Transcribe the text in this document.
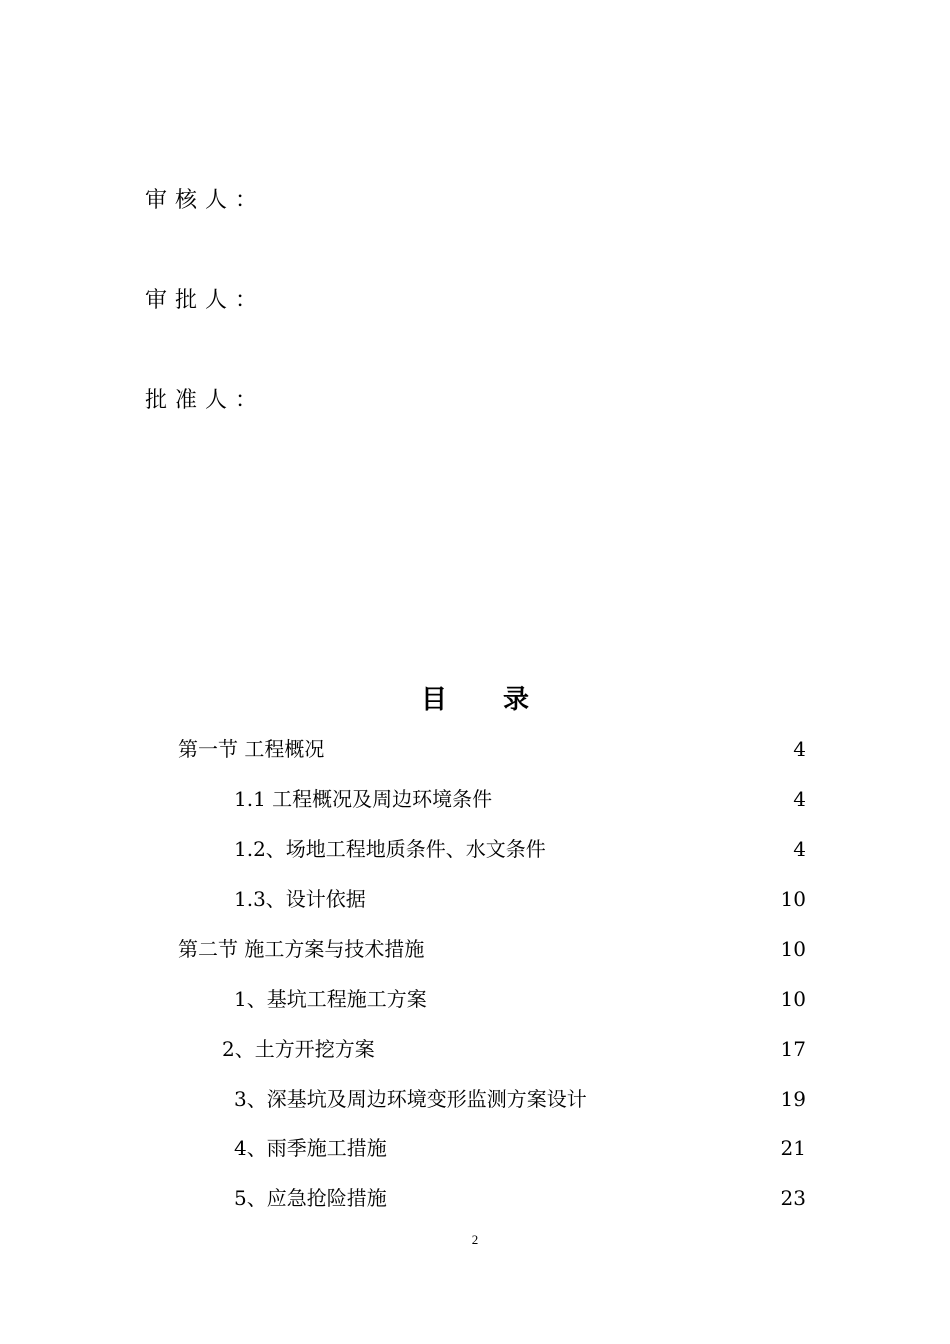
审核人：
审批人：
批准人：
目 录
第一节 工程概况	4
1.1 工程概况及周边环境条件	4
1.2、场地工程地质条件、水文条件	4
1.3、设计依据	10
第二节 施工方案与技术措施	10
1、基坑工程施工方案	10
2、土方开挖方案	17
3、深基坑及周边环境变形监测方案设计	19
4、雨季施工措施	21
5、应急抢险措施	23
2
